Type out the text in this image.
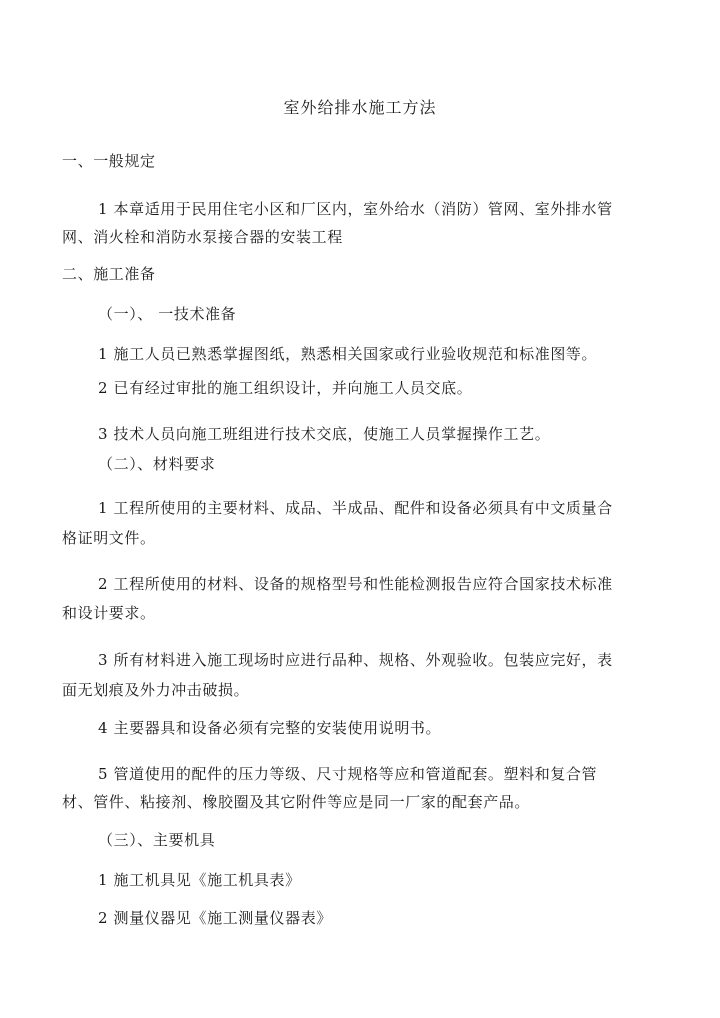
室外给排水施工方法
一、一般规定
1 本章适用于民用住宅小区和厂区内，室外给水（消防）管网、室外排水管
网、消火栓和消防水泵接合器的安装工程
二、施工准备
（一）、 一技术准备
1 施工人员已熟悉掌握图纸，熟悉相关国家或行业验收规范和标准图等。
2 已有经过审批的施工组织设计，并向施工人员交底。
3 技术人员向施工班组进行技术交底，使施工人员掌握操作工艺。
（二）、材料要求
1 工程所使用的主要材料、成品、半成品、配件和设备必须具有中文质量合
格证明文件。
2 工程所使用的材料、设备的规格型号和性能检测报告应符合国家技术标准
和设计要求。
3 所有材料进入施工现场时应进行品种、规格、外观验收。包装应完好，表
面无划痕及外力冲击破损。
4 主要器具和设备必须有完整的安装使用说明书。
5 管道使用的配件的压力等级、尺寸规格等应和管道配套。塑料和复合管
材、管件、粘接剂、橡胶圈及其它附件等应是同一厂家的配套产品。
（三）、主要机具
1 施工机具见《施工机具表》
2 测量仪器见《施工测量仪器表》
